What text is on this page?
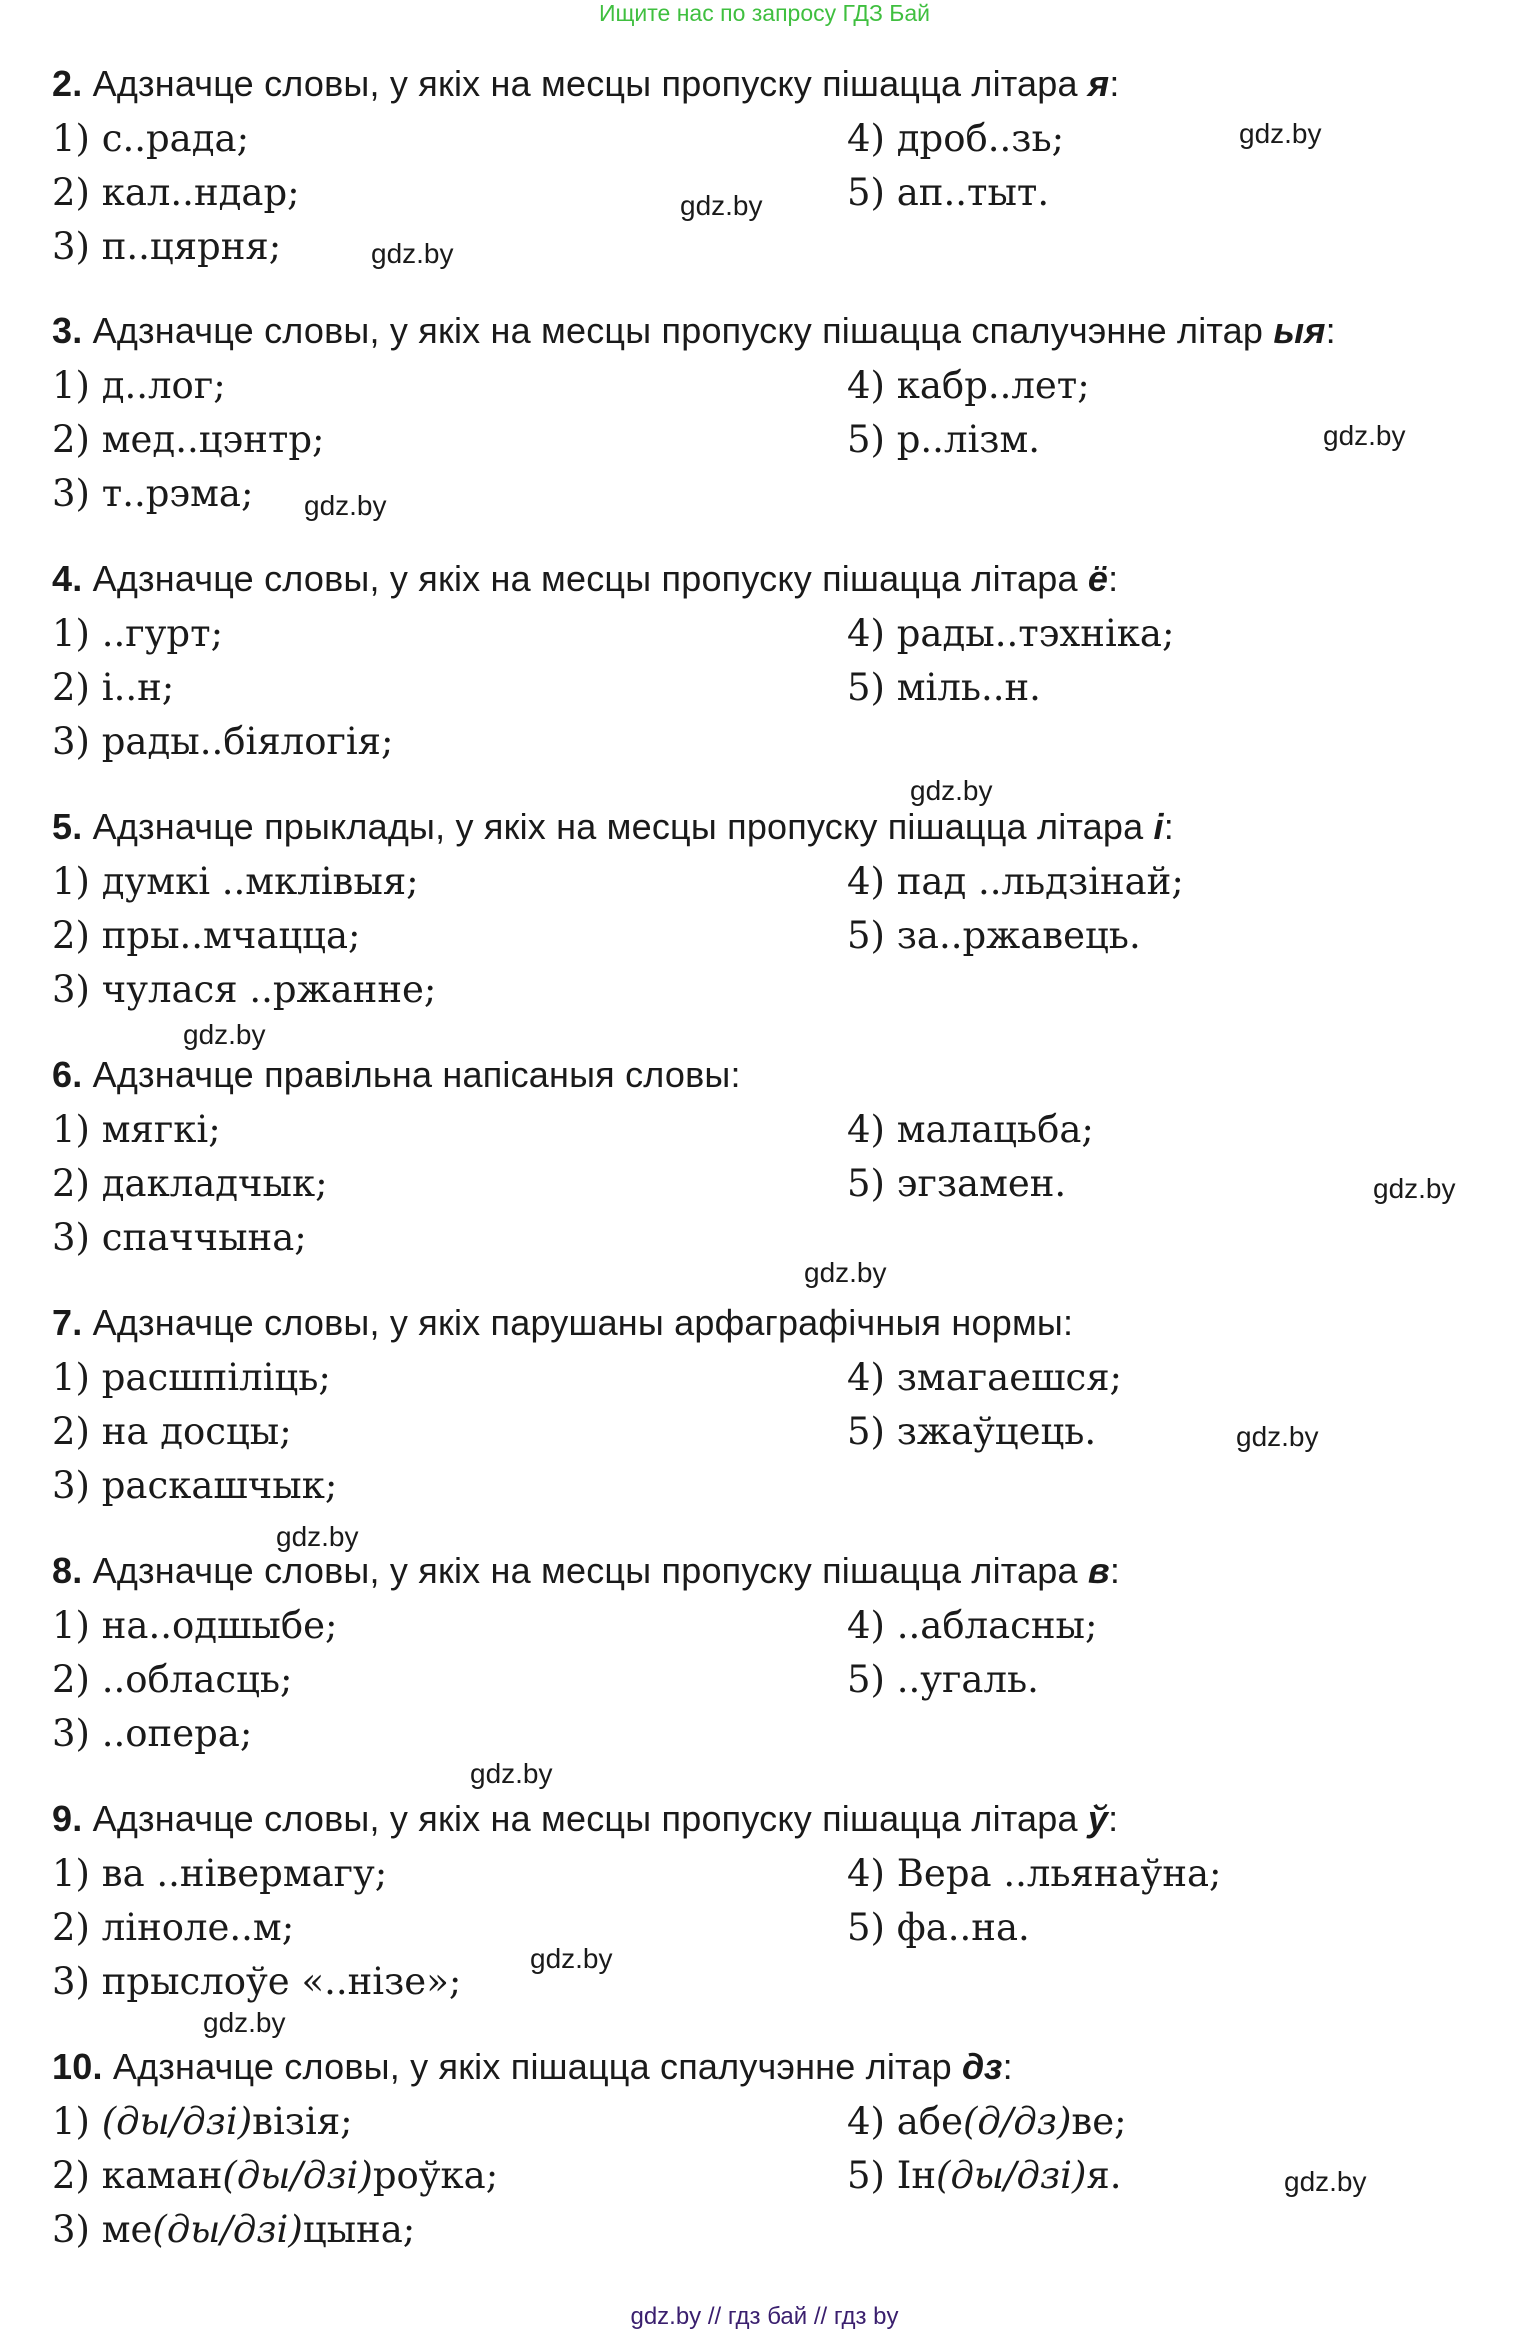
Ищите нас по запросу ГДЗ Бай
2. Адзначце словы, у якіх на месцы пропуску пішацца літара я:
1) с..рада;
2) кал..ндар;
3) п..цярня;
4) дроб..зь;
5) ап..тыт.
3. Адзначце словы, у якіх на месцы пропуску пішацца спалучэнне літар ыя:
1) д..лог;
2) мед..цэнтр;
3) т..рэма;
4) кабр..лет;
5) р..лізм.
4. Адзначце словы, у якіх на месцы пропуску пішацца літара ё:
1) ..гурт;
2) і..н;
3) рады..біялогія;
4) рады..тэхніка;
5) міль..н.
5. Адзначце прыклады, у якіх на месцы пропуску пішацца літара і:
1) думкі ..мклівыя;
2) пры..мчацца;
3) чулася ..ржанне;
4) пад ..льдзінай;
5) за..ржавець.
6. Адзначце правільна напісаныя словы:
1) мягкі;
2) дакладчык;
3) спаччына;
4) малацьба;
5) эгзамен.
7. Адзначце словы, у якіх парушаны арфаграфічныя нормы:
1) расшпіліць;
2) на досцы;
3) раскашчык;
4) змагаешся;
5) зжаўцець.
8. Адзначце словы, у якіх на месцы пропуску пішацца літара в:
1) на..одшыбе;
2) ..обласць;
3) ..опера;
4) ..абласны;
5) ..угаль.
9. Адзначце словы, у якіх на месцы пропуску пішацца літара ў:
1) ва ..нівермагу;
2) ліноле..м;
3) прыслоўе «..нізе»;
4) Вера ..льянаўна;
5) фа..на.
10. Адзначце словы, у якіх пішацца спалучэнне літар дз:
1) (ды/дзі)візія;
2) каман(ды/дзі)роўка;
3) ме(ды/дзі)цына;
4) абе(д/дз)ве;
5) Ін(ды/дзі)я.
gdz.by
gdz.by
gdz.by
gdz.by
gdz.by
gdz.by
gdz.by
gdz.by
gdz.by
gdz.by
gdz.by
gdz.by
gdz.by
gdz.by
gdz.by
gdz.by // гдз бай // гдз by
